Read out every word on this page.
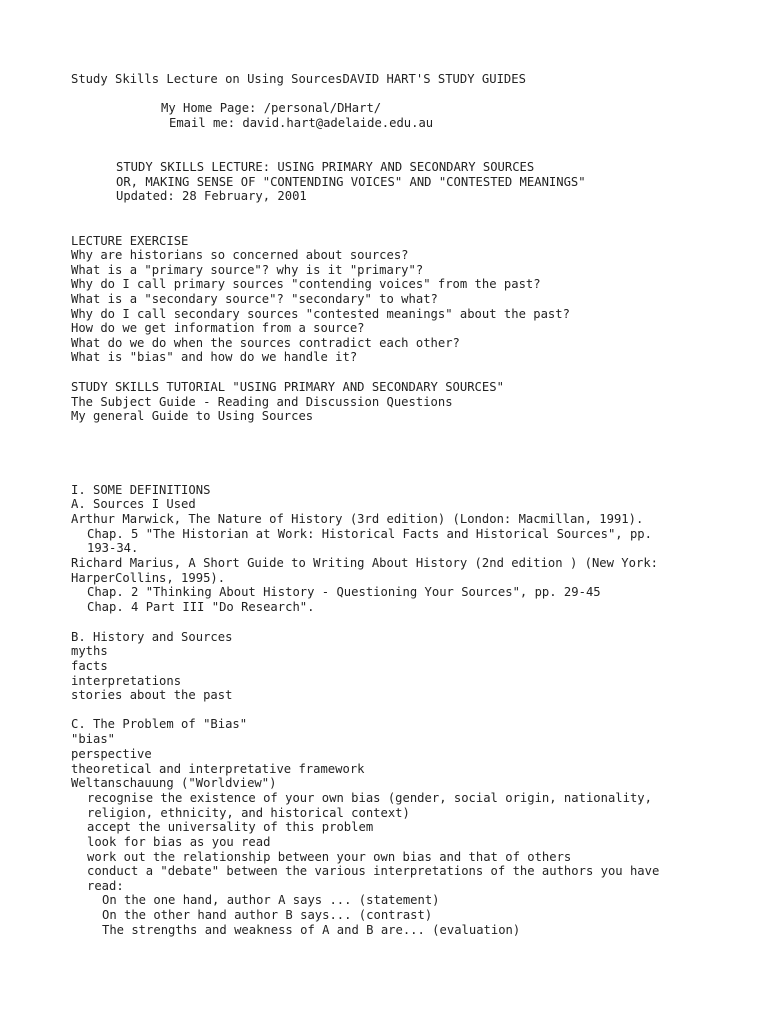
Study Skills Lecture on Using SourcesDAVID HART'S STUDY GUIDES
My Home Page: /personal/DHart/
Email me: david.hart@adelaide.edu.au
STUDY SKILLS LECTURE: USING PRIMARY AND SECONDARY SOURCES
OR, MAKING SENSE OF "CONTENDING VOICES" AND "CONTESTED MEANINGS"
Updated: 28 February, 2001
LECTURE EXERCISE
Why are historians so concerned about sources?
What is a "primary source"? why is it "primary"?
Why do I call primary sources "contending voices" from the past?
What is a "secondary source"? "secondary" to what?
Why do I call secondary sources "contested meanings" about the past?
How do we get information from a source?
What do we do when the sources contradict each other?
What is "bias" and how do we handle it?
STUDY SKILLS TUTORIAL "USING PRIMARY AND SECONDARY SOURCES"
The Subject Guide - Reading and Discussion Questions
My general Guide to Using Sources
I. SOME DEFINITIONS
A. Sources I Used
Arthur Marwick, The Nature of History (3rd edition) (London: Macmillan, 1991).
Chap. 5 "The Historian at Work: Historical Facts and Historical Sources", pp.
193-34.
Richard Marius, A Short Guide to Writing About History (2nd edition ) (New York:
HarperCollins, 1995).
Chap. 2 "Thinking About History - Questioning Your Sources", pp. 29-45
Chap. 4 Part III "Do Research".
B. History and Sources
myths
facts
interpretations
stories about the past
C. The Problem of "Bias"
"bias"
perspective
theoretical and interpretative framework
Weltanschauung ("Worldview")
recognise the existence of your own bias (gender, social origin, nationality,
religion, ethnicity, and historical context)
accept the universality of this problem
look for bias as you read
work out the relationship between your own bias and that of others
conduct a "debate" between the various interpretations of the authors you have
read:
On the one hand, author A says ... (statement)
On the other hand author B says... (contrast)
The strengths and weakness of A and B are... (evaluation)
